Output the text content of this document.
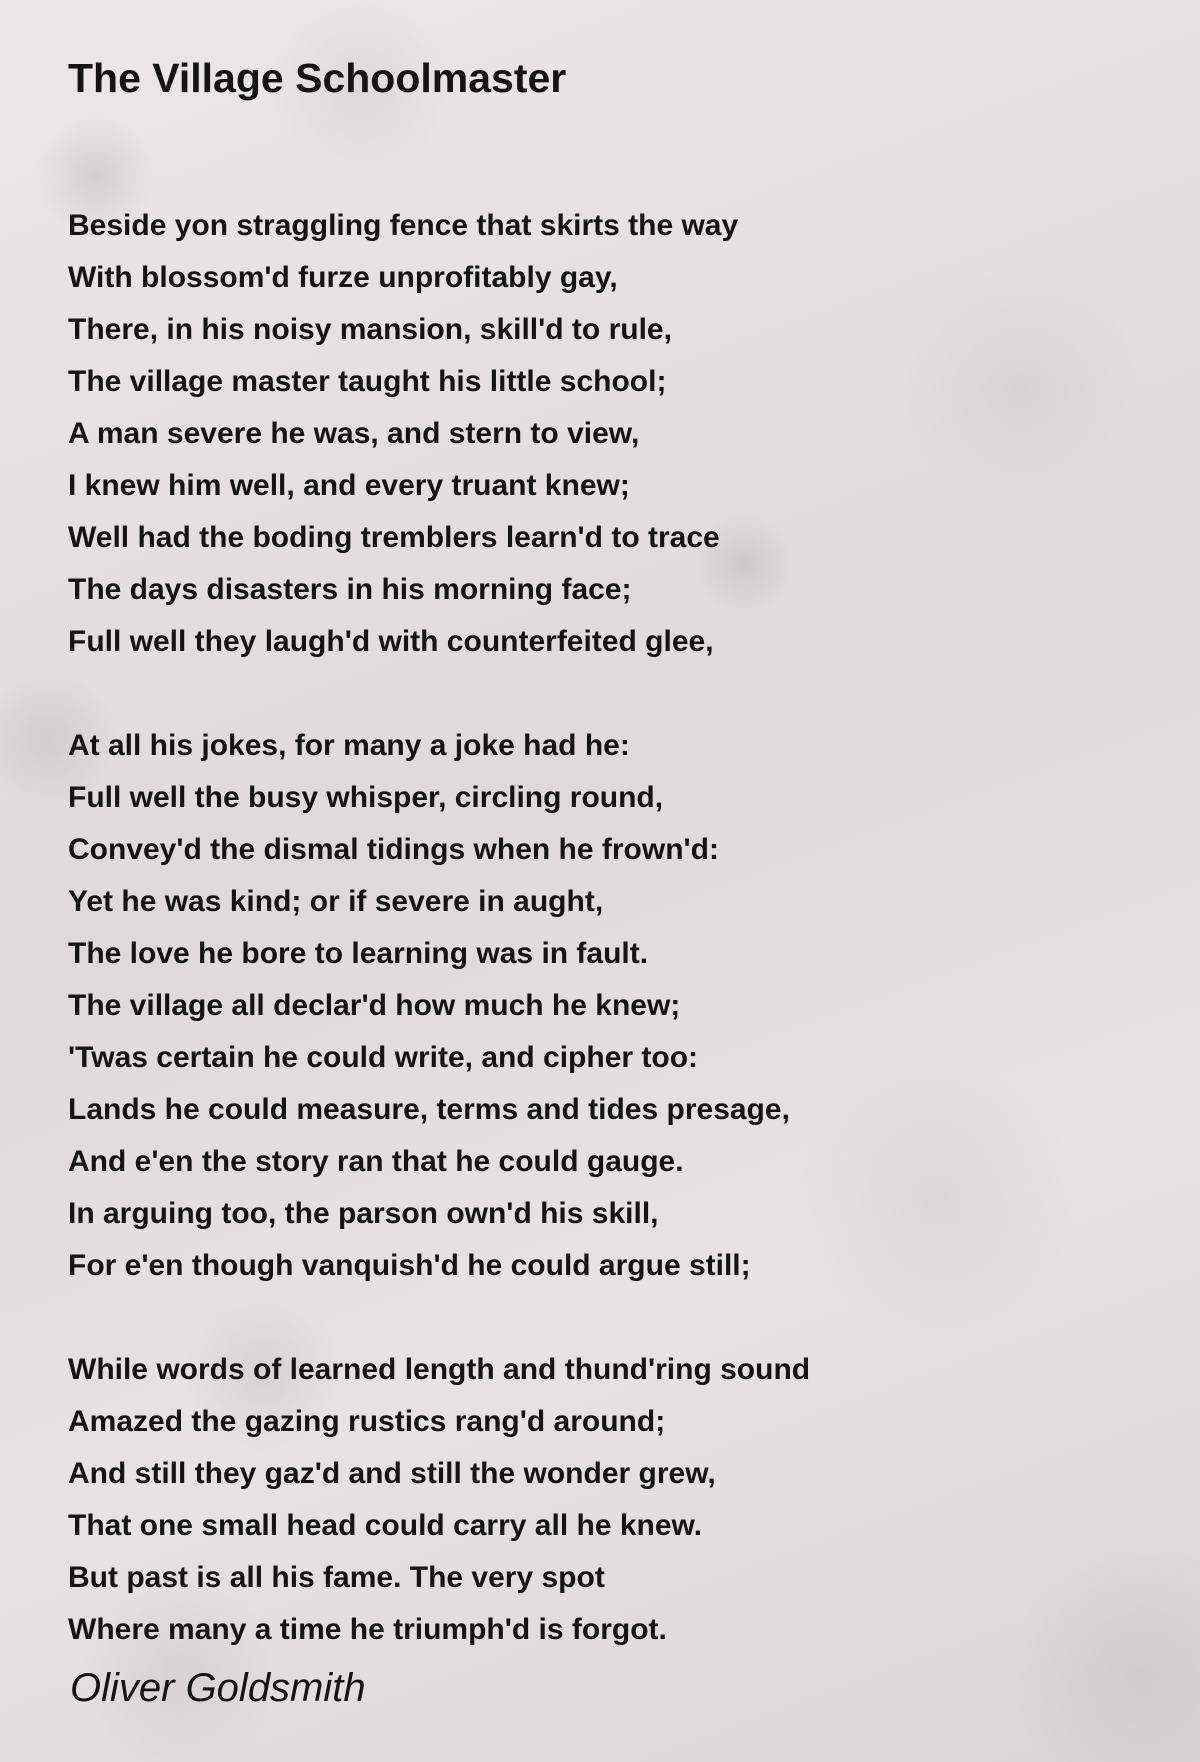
The Village Schoolmaster
Beside yon straggling fence that skirts the way
With blossom'd furze unprofitably gay,
There, in his noisy mansion, skill'd to rule,
The village master taught his little school;
A man severe he was, and stern to view,
I knew him well, and every truant knew;
Well had the boding tremblers learn'd to trace
The days disasters in his morning face;
Full well they laugh'd with counterfeited glee,
At all his jokes, for many a joke had he:
Full well the busy whisper, circling round,
Convey'd the dismal tidings when he frown'd:
Yet he was kind; or if severe in aught,
The love he bore to learning was in fault.
The village all declar'd how much he knew;
'Twas certain he could write, and cipher too:
Lands he could measure, terms and tides presage,
And e'en the story ran that he could gauge.
In arguing too, the parson own'd his skill,
For e'en though vanquish'd he could argue still;
While words of learned length and thund'ring sound
Amazed the gazing rustics rang'd around;
And still they gaz'd and still the wonder grew,
That one small head could carry all he knew.
But past is all his fame. The very spot
Where many a time he triumph'd is forgot.
Oliver Goldsmith
